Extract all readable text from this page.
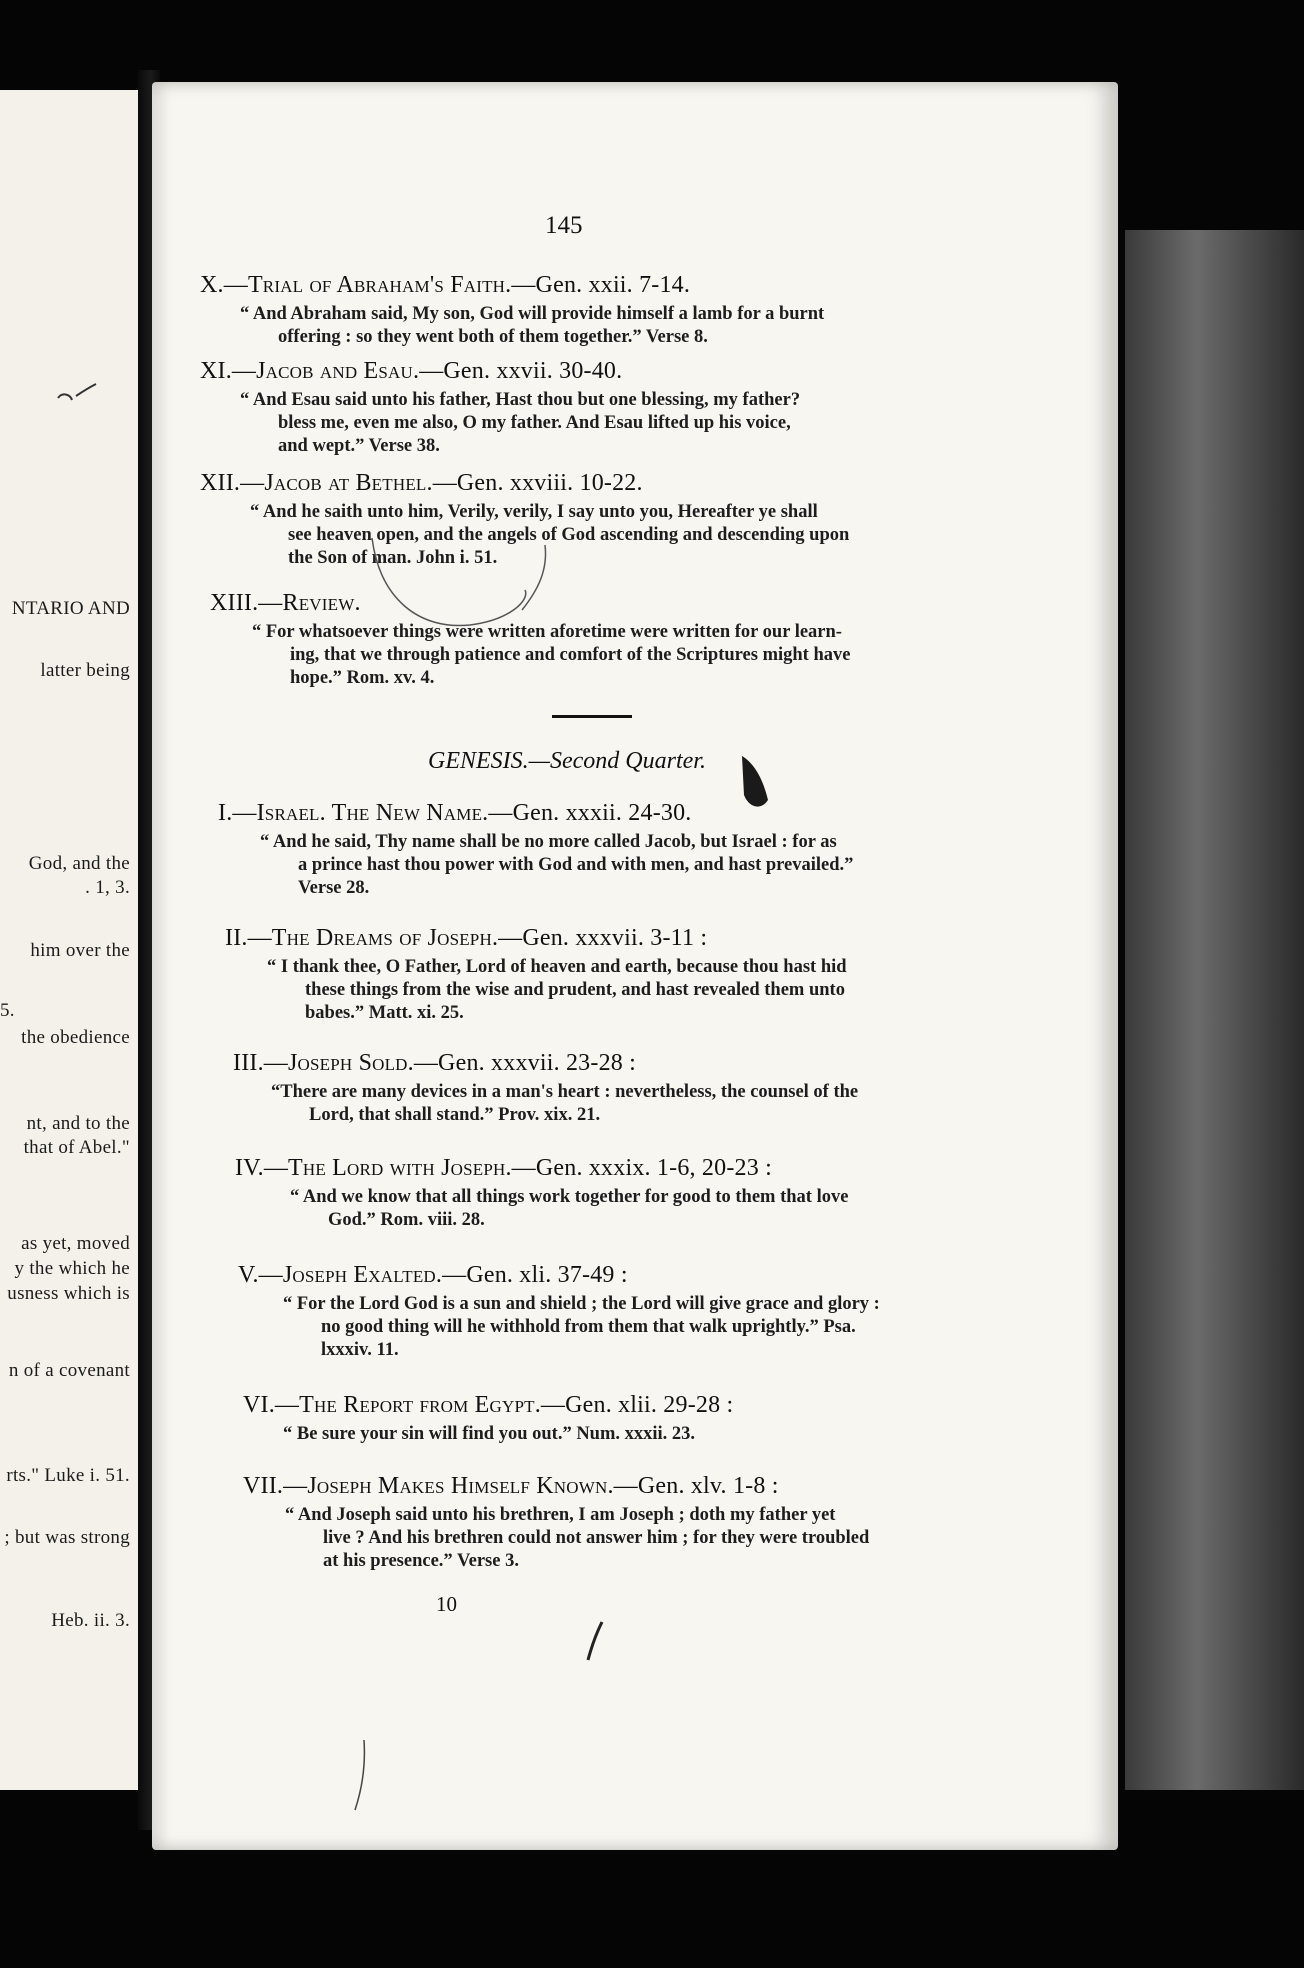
NTARIO AND
latter being
God, and the
. 1, 3.
him over the
5.
the obedience
nt, and to the
that of Abel."
as yet, moved
y the which he
usness which is
n of a covenant
rts." Luke i. 51.
; but was strong
Heb. ii. 3.
145
X.—Trial of Abraham's Faith.—Gen. xxii. 7-14.
“ And Abraham said, My son, God will provide himself a lamb for a burnt
offering : so they went both of them together.” Verse 8.
XI.—Jacob and Esau.—Gen. xxvii. 30-40.
“ And Esau said unto his father, Hast thou but one blessing, my father?
bless me, even me also, O my father. And Esau lifted up his voice,
and wept.” Verse 38.
XII.—Jacob at Bethel.—Gen. xxviii. 10-22.
“ And he saith unto him, Verily, verily, I say unto you, Hereafter ye shall
see heaven open, and the angels of God ascending and descending upon
the Son of man. John i. 51.
XIII.—Review.
“ For whatsoever things were written aforetime were written for our learn-
ing, that we through patience and comfort of the Scriptures might have
hope.” Rom. xv. 4.
GENESIS.—Second Quarter.
I.—Israel. The New Name.—Gen. xxxii. 24-30.
“ And he said, Thy name shall be no more called Jacob, but Israel : for as
a prince hast thou power with God and with men, and hast prevailed.”
Verse 28.
II.—The Dreams of Joseph.—Gen. xxxvii. 3-11 :
“ I thank thee, O Father, Lord of heaven and earth, because thou hast hid
these things from the wise and prudent, and hast revealed them unto
babes.” Matt. xi. 25.
III.—Joseph Sold.—Gen. xxxvii. 23-28 :
“There are many devices in a man's heart : nevertheless, the counsel of the
Lord, that shall stand.” Prov. xix. 21.
IV.—The Lord with Joseph.—Gen. xxxix. 1-6, 20-23 :
“ And we know that all things work together for good to them that love
God.” Rom. viii. 28.
V.—Joseph Exalted.—Gen. xli. 37-49 :
“ For the Lord God is a sun and shield ; the Lord will give grace and glory :
no good thing will he withhold from them that walk uprightly.” Psa.
lxxxiv. 11.
VI.—The Report from Egypt.—Gen. xlii. 29-28 :
“ Be sure your sin will find you out.” Num. xxxii. 23.
VII.—Joseph Makes Himself Known.—Gen. xlv. 1-8 :
“ And Joseph said unto his brethren, I am Joseph ; doth my father yet
live ? And his brethren could not answer him ; for they were troubled
at his presence.” Verse 3.
10
